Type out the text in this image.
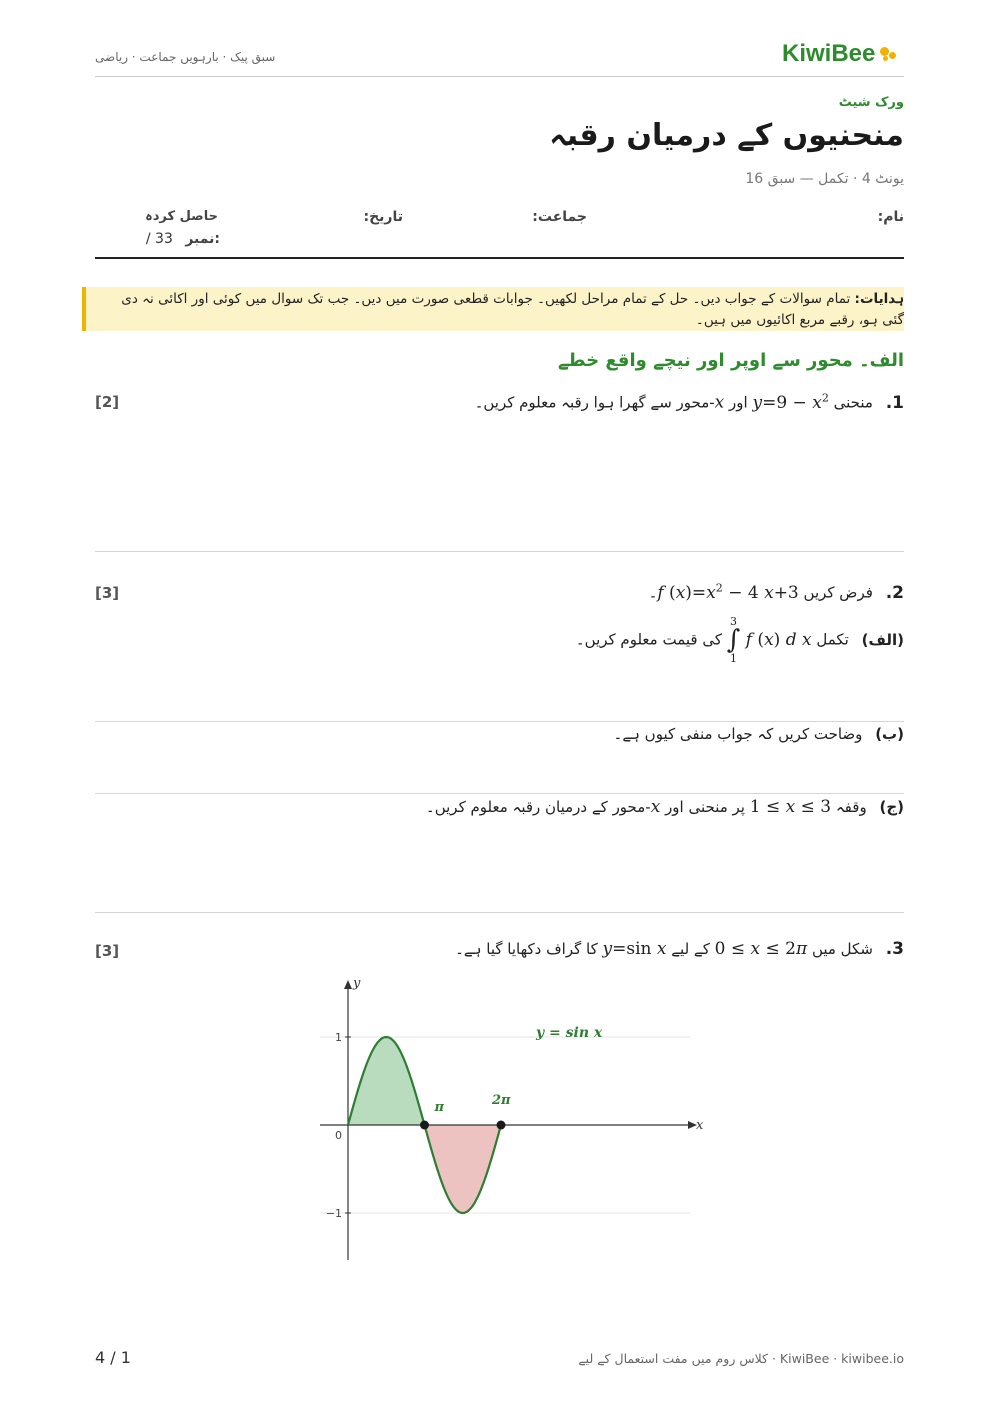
KiwiBee
سبق پیک · بارہویں جماعت · ریاضی
ورک شیٹ
منحنیوں کے درمیان رقبہ
یونٹ 4 · تکمل — سبق 16
نام:
جماعت:
تاریخ:
حاصل کردہ
/ 33 نمبر:
ہدایات: تمام سوالات کے جواب دیں۔ حل کے تمام مراحل لکھیں۔ جوابات قطعی صورت میں دیں۔ جب تک سوال میں کوئی اور اکائی نہ دی گئی ہو، رقبے مربع اکائیوں میں ہیں۔
الف۔ محور سے اوپر اور نیچے واقع خطے
1. منحنی $y=9 - x^2$ اور x-محور سے گھرا ہوا رقبہ معلوم کریں۔
[2]
2. فرض کریں f $(x)=x^2 - 4$ x+3۔
[3]
(الف) تکمل
3
∫
1
f (x) d x کی قیمت معلوم کریں۔
(ب) وضاحت کریں کہ جواب منفی کیوں ہے۔
(ج) وقفہ 1 ≤ x ≤ 3 پر منحنی اور x-محور کے درمیان رقبہ معلوم کریں۔
3. شکل میں 0 ≤ x ≤ 2π کے لیے y=sin x کا گراف دکھایا گیا ہے۔
[3]
1
0
−1
x
y
y = sin x
π	2π
4 / 1	کلاس روم میں مفت استعمال کے لیے · KiwiBee · kiwibee.io
